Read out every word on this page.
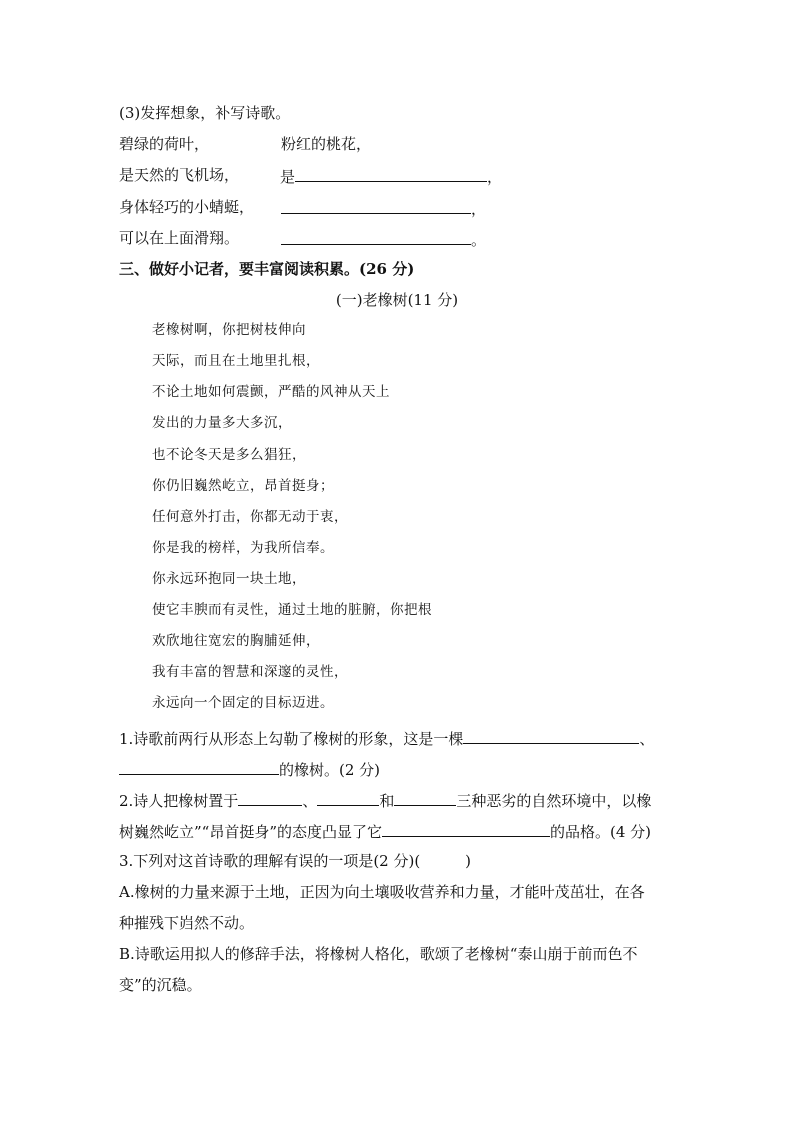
(3)发挥想象，补写诗歌。
碧绿的荷叶，	粉红的桃花，
是天然的飞机场，	是	，
身体轻巧的小蜻蜓，	，
可以在上面滑翔。	。
三、做好小记者，要丰富阅读积累。(26 分)
(一)老橡树(11 分)
老橡树啊，你把树枝伸向
天际，而且在土地里扎根，
不论土地如何震颤，严酷的风神从天上
发出的力量多大多沉，
也不论冬天是多么猖狂，
你仍旧巍然屹立，昂首挺身；
任何意外打击，你都无动于衷，
你是我的榜样，为我所信奉。
你永远环抱同一块土地，
使它丰腴而有灵性，通过土地的脏腑，你把根
欢欣地往宽宏的胸脯延伸，
我有丰富的智慧和深邃的灵性，
永远向一个固定的目标迈进。
1.诗歌前两行从形态上勾勒了橡树的形象，这是一棵	、
的橡树。(2 分)
2.诗人把橡树置于	、	和	三种恶劣的自然环境中，以橡
树巍然屹立”“昂首挺身”的态度凸显了它	的品格。(4 分)
3.下列对这首诗歌的理解有误的一项是(2 分)(　　　)
A.橡树的力量来源于土地，正因为向土壤吸收营养和力量，才能叶茂茁壮，在各
种摧残下岿然不动。
B.诗歌运用拟人的修辞手法，将橡树人格化，歌颂了老橡树“泰山崩于前而色不
变”的沉稳。
